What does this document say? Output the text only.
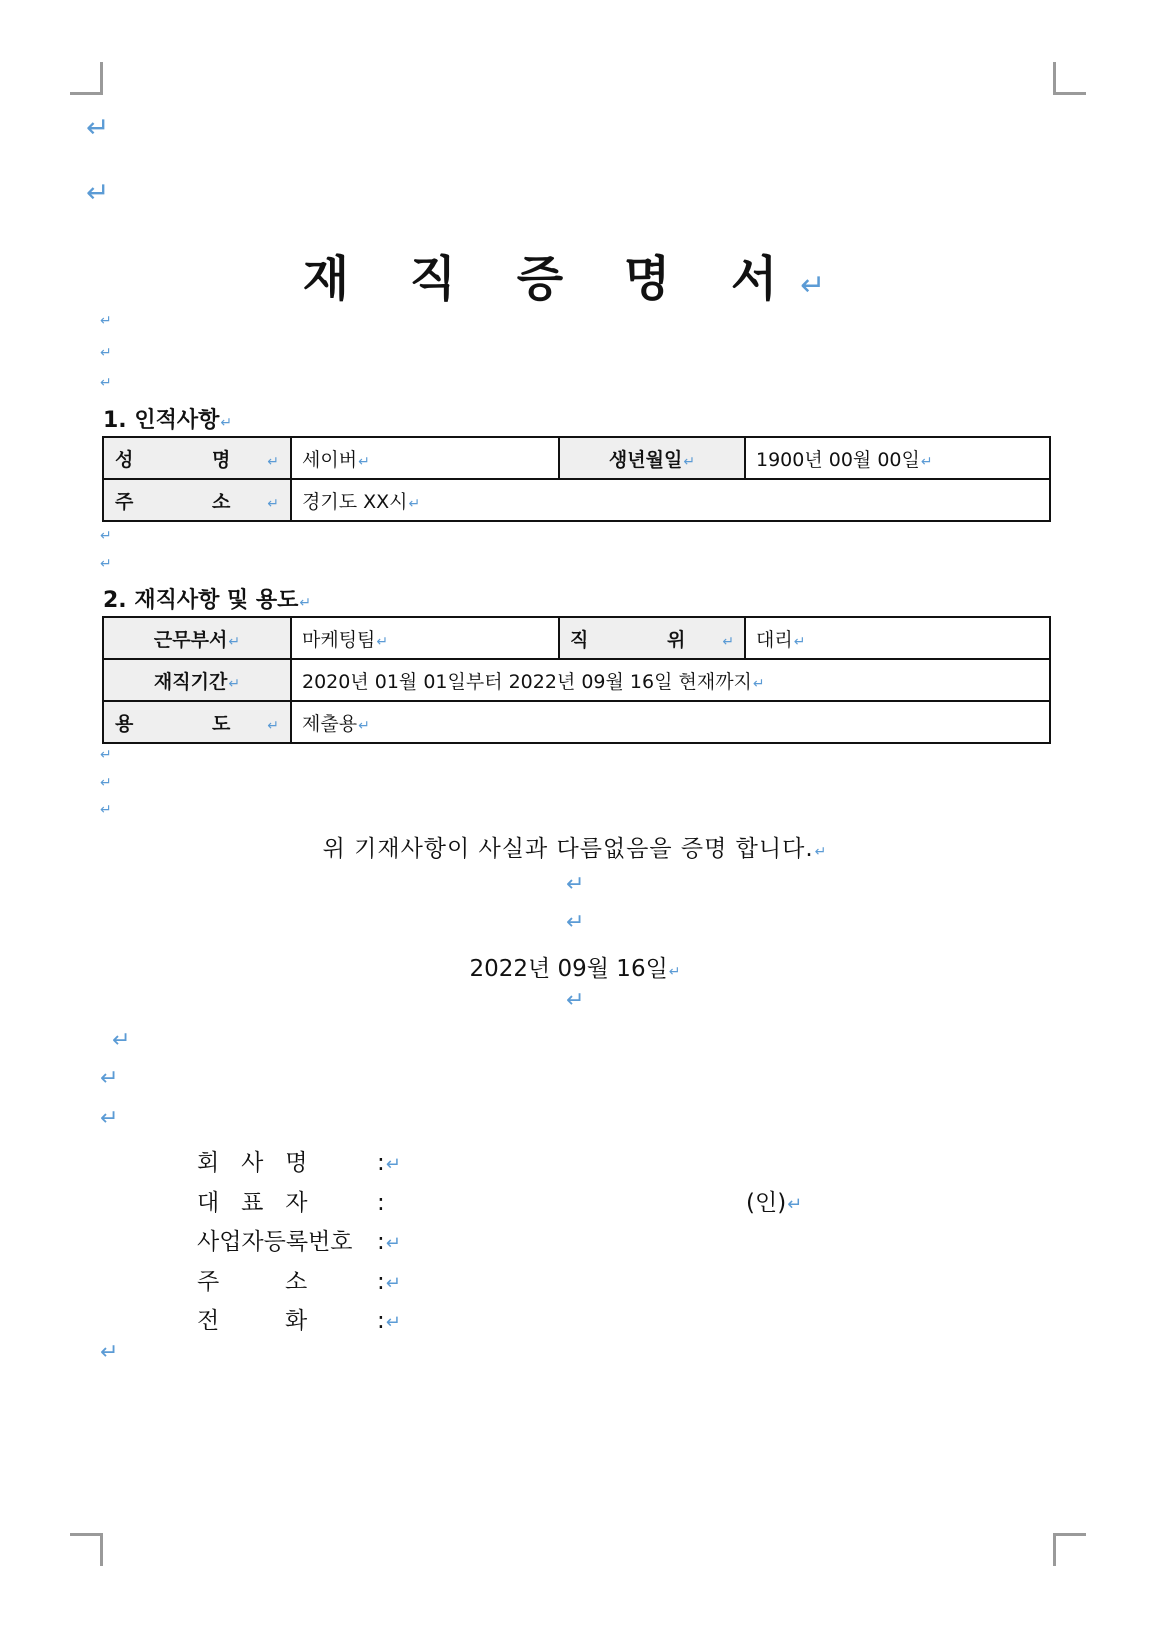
↵
↵
재 직 증 명 서↵
↵
↵
↵
1. 인적사항↵
성 명↵	세이버↵	생년월일↵	1900년 00월 00일↵
주 소↵	경기도 XX시↵		
↵
↵
2. 재직사항 및 용도↵
근무부서↵	마케팅팀↵	직 위↵	대리↵
재직기간↵	2020년 01월 01일부터 2022년 09월 16일 현재까지↵		
용 도↵	제출용↵		
↵
↵
↵
위 기재사항이 사실과 다름없음을 증명 합니다.↵
↵
↵
2022년 09월 16일↵
↵
↵
↵
↵
회   사   명	:↵
대   표   자	:	(인)↵
사업자등록번호 :↵
주         소	:↵
전         화	:↵
↵
